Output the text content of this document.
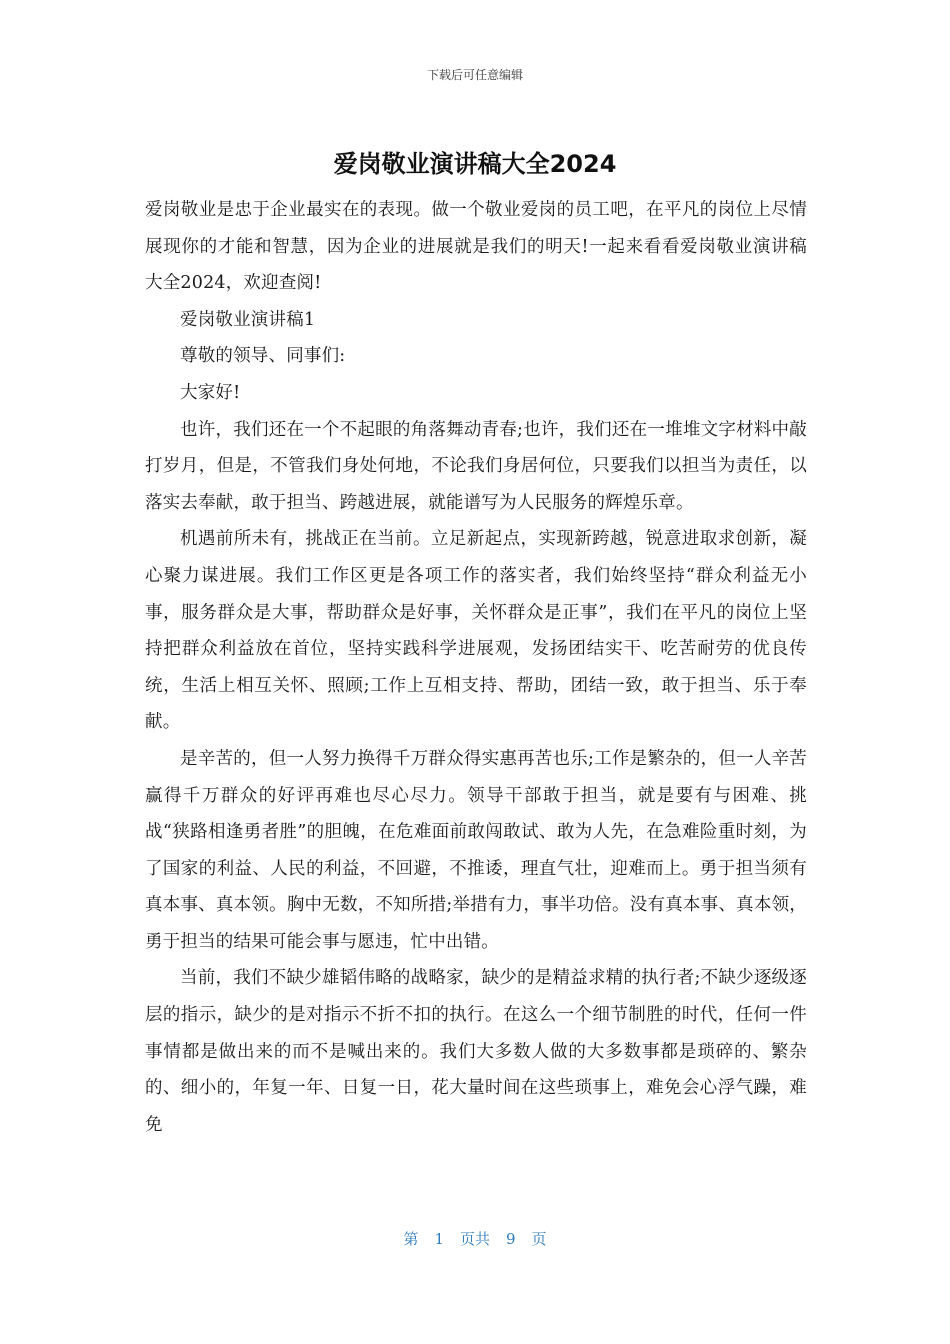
下载后可任意编辑
爱岗敬业演讲稿大全2024

爱岗敬业是忠于企业最实在的表现。做一个敬业爱岗的员工吧，在平凡的岗位上尽情展现你的才能和智慧，因为企业的进展就是我们的明天!一起来看看爱岗敬业演讲稿大全2024，欢迎查阅!

爱岗敬业演讲稿1

尊敬的领导、同事们:

大家好!

也许，我们还在一个不起眼的角落舞动青春;也许，我们还在一堆堆文字材料中敲打岁月，但是，不管我们身处何地，不论我们身居何位，只要我们以担当为责任，以落实去奉献，敢于担当、跨越进展，就能谱写为人民服务的辉煌乐章。

机遇前所未有，挑战正在当前。立足新起点，实现新跨越，锐意进取求创新，凝心聚力谋进展。我们工作区更是各项工作的落实者，我们始终坚持“群众利益无小事，服务群众是大事，帮助群众是好事，关怀群众是正事”，我们在平凡的岗位上坚持把群众利益放在首位，坚持实践科学进展观，发扬团结实干、吃苦耐劳的优良传统，生活上相互关怀、照顾;工作上互相支持、帮助，团结一致，敢于担当、乐于奉献。

是辛苦的，但一人努力换得千万群众得实惠再苦也乐;工作是繁杂的，但一人辛苦赢得千万群众的好评再难也尽心尽力。领导干部敢于担当，就是要有与困难、挑战“狭路相逢勇者胜”的胆魄，在危难面前敢闯敢试、敢为人先，在急难险重时刻，为了国家的利益、人民的利益，不回避，不推诿，理直气壮，迎难而上。勇于担当须有真本事、真本领。胸中无数，不知所措;举措有力，事半功倍。没有真本事、真本领，勇于担当的结果可能会事与愿违，忙中出错。

当前，我们不缺少雄韬伟略的战略家，缺少的是精益求精的执行者;不缺少逐级逐层的指示，缺少的是对指示不折不扣的执行。在这么一个细节制胜的时代，任何一件事情都是做出来的而不是喊出来的。我们大多数人做的大多数事都是琐碎的、繁杂的、细小的，年复一年、日复一日，花大量时间在这些琐事上，难免会心浮气躁，难免

第 1 页共 9 页
